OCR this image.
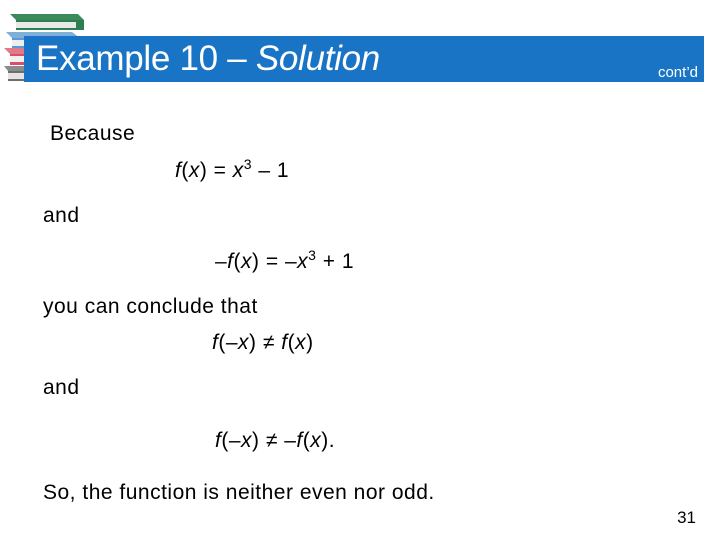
Example 10 – Solution	cont’d
Because
$f(x) = x^3 - 1$
and
$-f(x) = -x^3 + 1$
you can conclude that
f(–x) ≠ f(x)
and
f(–x) ≠ –f(x).
So, the function is neither even nor odd.
31
